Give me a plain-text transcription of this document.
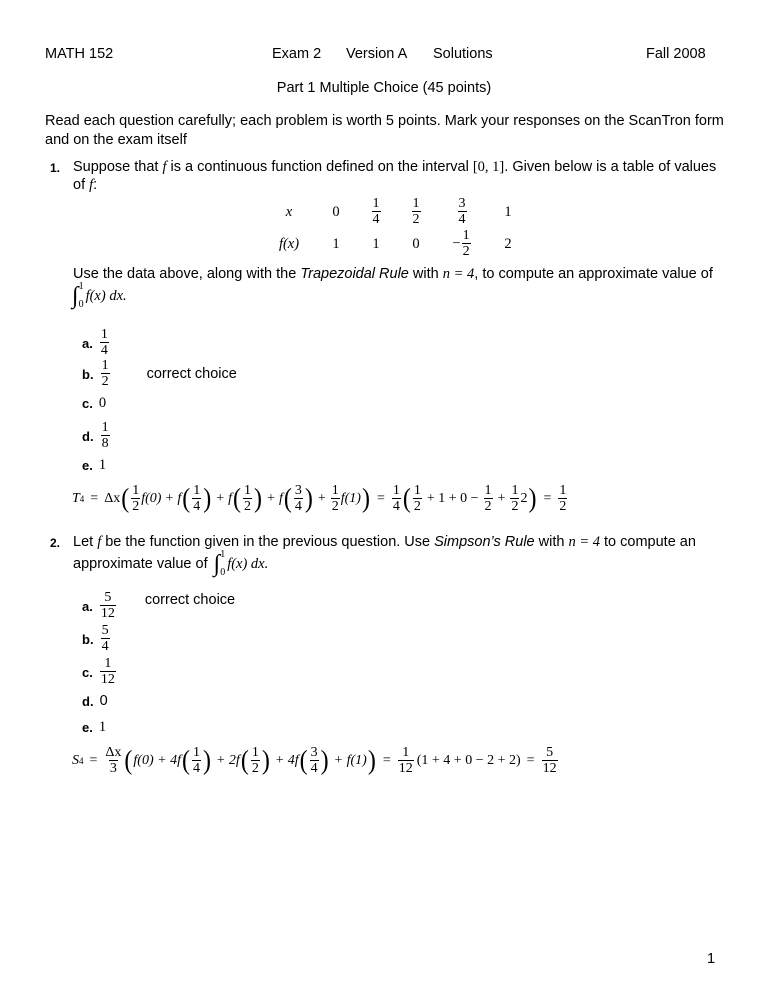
MATH 152	Exam 2 Version A Solutions	Fall 2008
Part 1 Multiple Choice (45 points)
Read each question carefully; each problem is worth 5 points. Mark your responses on the ScanTron form and on the exam itself
1. Suppose that f is a continuous function defined on the interval [0, 1]. Given below is a table of values
of f:
x	0	$\frac{1}{4}$	$\frac{1}{2}$	$\frac{3}{4}$	1
f(x)	1	1	0	− $\frac{1}{2}$	2
Use the data above, along with the Trapezoidal Rule with n = 4, to compute an approximate value of
∫ 1
0
f(x) dx.
a. $\frac{1}{4}$
b. $\frac{1}{2}$	correct choice
c. 0
d. $\frac{1}{8}$
e. 1
T 4 = Δx ( $\frac{1}{2} f(0) + f$ ( $\frac{1}{4}$ ) + f ( $\frac{1}{2}$ ) + f ( $\frac{3}{4}$ ) + $\frac{1}{2} f(1)$ ) = $\frac{1}{4}$ ( $\frac{1}{2} + 1 + 0 - \frac{1}{2} + \frac{1}{2} 2$ ) = $\frac{1}{2}$
2. Let f be the function given in the previous question. Use Simpson’s Rule with n = 4 to compute an
approximate value of ∫ 1
0
f(x) dx.
a. $\frac{5}{12}$ correct choice
b. $\frac{5}{4}$
c. $\frac{1}{12}$
d. 0
e. 1
S $4 = \frac{\Delta x}{3}$ ( f(0) + 4f ( $\frac{1}{4}$ ) + 2f ( $\frac{1}{2}$ ) + 4f ( $\frac{3}{4}$ ) + f(1) ) = $\frac{1}{12} (1 + 4 + 0 - 2 + 2) = \frac{5}{12}$
1
